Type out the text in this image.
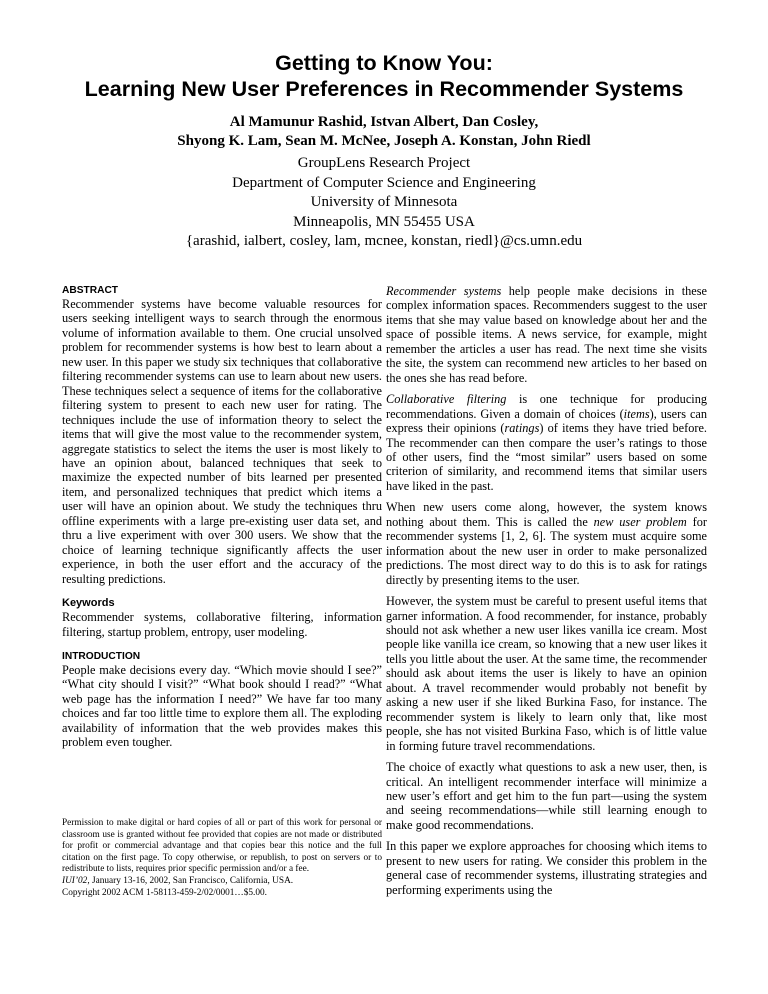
Getting to Know You:
Learning New User Preferences in Recommender Systems
Al Mamunur Rashid, Istvan Albert, Dan Cosley,
Shyong K. Lam, Sean M. McNee, Joseph A. Konstan, John Riedl
GroupLens Research Project
Department of Computer Science and Engineering
University of Minnesota
Minneapolis, MN 55455 USA
{arashid, ialbert, cosley, lam, mcnee, konstan, riedl}@cs.umn.edu
ABSTRACT

Recommender systems have become valuable resources for users seeking intelligent ways to search through the enormous volume of information available to them. One crucial unsolved problem for recommender systems is how best to learn about a new user. In this paper we study six techniques that collaborative filtering recommender systems can use to learn about new users. These techniques select a sequence of items for the collaborative filtering system to present to each new user for rating. The techniques include the use of information theory to select the items that will give the most value to the recommender system, aggregate statistics to select the items the user is most likely to have an opinion about, balanced techniques that seek to maximize the expected number of bits learned per presented item, and personalized techniques that predict which items a user will have an opinion about. We study the techniques thru offline experiments with a large pre-existing user data set, and thru a live experiment with over 300 users. We show that the choice of learning technique significantly affects the user experience, in both the user effort and the accuracy of the resulting predictions.

Keywords

Recommender systems, collaborative filtering, information filtering, startup problem, entropy, user modeling.

INTRODUCTION

People make decisions every day. “Which movie should I see?” “What city should I visit?” “What book should I read?” “What web page has the information I need?” We have far too many choices and far too little time to explore them all. The exploding availability of information that the web provides makes this problem even tougher.

Permission to make digital or hard copies of all or part of this work for personal or classroom use is granted without fee provided that copies are not made or distributed for profit or commercial advantage and that copies bear this notice and the full citation on the first page. To copy otherwise, or republish, to post on servers or to redistribute to lists, requires prior specific permission and/or a fee.

IUI’02, January 13-16, 2002, San Francisco, California, USA.
Copyright 2002 ACM 1-58113-459-2/02/0001…$5.00.

Recommender systems help people make decisions in these complex information spaces. Recommenders suggest to the user items that she may value based on knowledge about her and the space of possible items. A news service, for example, might remember the articles a user has read. The next time she visits the site, the system can recommend new articles to her based on the ones she has read before.

Collaborative filtering is one technique for producing recommendations. Given a domain of choices (items), users can express their opinions (ratings) of items they have tried before. The recommender can then compare the user’s ratings to those of other users, find the “most similar” users based on some criterion of similarity, and recommend items that similar users have liked in the past.

When new users come along, however, the system knows nothing about them. This is called the new user problem for recommender systems [1, 2, 6]. The system must acquire some information about the new user in order to make personalized predictions. The most direct way to do this is to ask for ratings directly by presenting items to the user.

However, the system must be careful to present useful items that garner information. A food recommender, for instance, probably should not ask whether a new user likes vanilla ice cream. Most people like vanilla ice cream, so knowing that a new user likes it tells you little about the user. At the same time, the recommender should ask about items the user is likely to have an opinion about. A travel recommender would probably not benefit by asking a new user if she liked Burkina Faso, for instance. The recommender system is likely to learn only that, like most people, she has not visited Burkina Faso, which is of little value in forming future travel recommendations.

The choice of exactly what questions to ask a new user, then, is critical. An intelligent recommender interface will minimize a new user’s effort and get him to the fun part—using the system and seeing recommendations—while still learning enough to make good recommendations.

In this paper we explore approaches for choosing which items to present to new users for rating. We consider this problem in the general case of recommender systems, illustrating strategies and performing experiments using the
